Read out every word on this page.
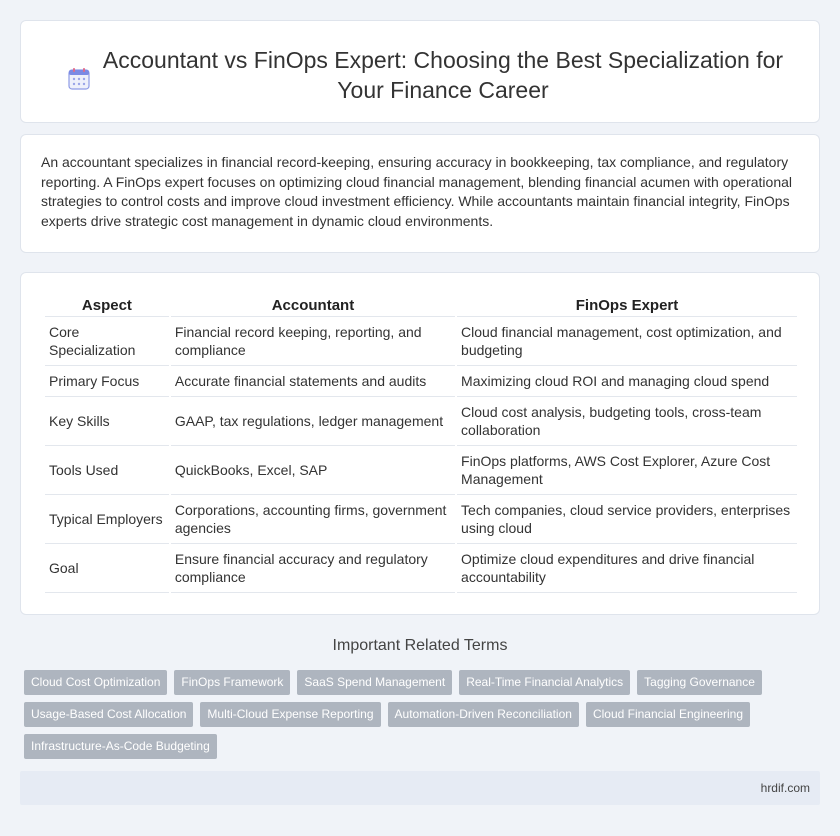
Accountant vs FinOps Expert: Choosing the Best Specialization for Your Finance Career

An accountant specializes in financial record-keeping, ensuring accuracy in bookkeeping, tax compliance, and regulatory reporting. A FinOps expert focuses on optimizing cloud financial management, blending financial acumen with operational strategies to control costs and improve cloud investment efficiency. While accountants maintain financial integrity, FinOps experts drive strategic cost management in dynamic cloud environments.

Aspect	Accountant	FinOps Expert
Core Specialization	Financial record keeping, reporting, and compliance	Cloud financial management, cost optimization, and budgeting
Primary Focus	Accurate financial statements and audits	Maximizing cloud ROI and managing cloud spend
Key Skills	GAAP, tax regulations, ledger management	Cloud cost analysis, budgeting tools, cross-team collaboration
Tools Used	QuickBooks, Excel, SAP	FinOps platforms, AWS Cost Explorer, Azure Cost Management
Typical Employers	Corporations, accounting firms, government agencies	Tech companies, cloud service providers, enterprises using cloud
Goal	Ensure financial accuracy and regulatory compliance	Optimize cloud expenditures and drive financial accountability
Important Related Terms
Cloud Cost Optimization	FinOps Framework	SaaS Spend Management	Real-Time Financial Analytics	Tagging Governance
Usage-Based Cost Allocation	Multi-Cloud Expense Reporting	Automation-Driven Reconciliation	Cloud Financial Engineering
Infrastructure-As-Code Budgeting
hrdif.com
